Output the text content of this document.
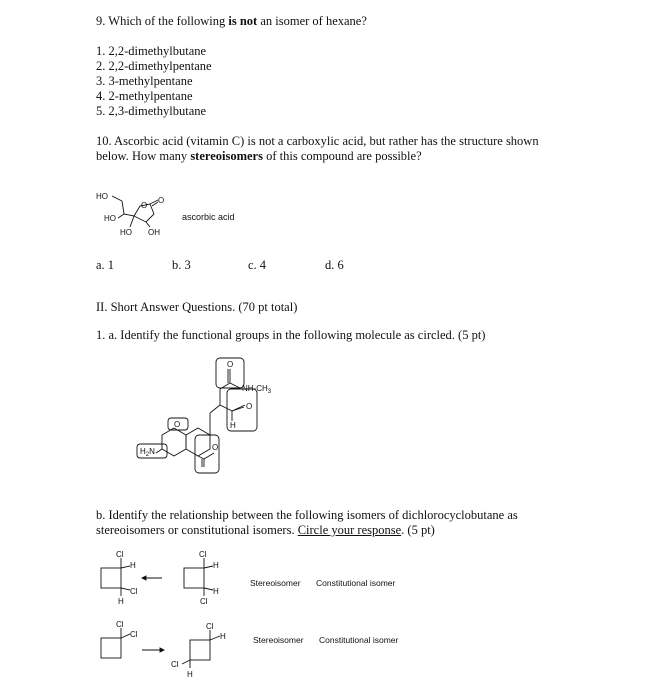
9. Which of the following is not an isomer of hexane?
1. 2,2-dimethylbutane
2. 2,2-dimethylpentane
3. 3-methylpentane
4. 2-methylpentane
5. 2,3-dimethylbutane
10. Ascorbic acid (vitamin C) is not a carboxylic acid, but rather has the structure shown
below. How many stereoisomers of this compound are possible?
HO
HO
O
O
HO OH
ascorbic acid
a. 1	b. 3	c. 4	d. 6
II. Short Answer Questions. (70 pt total)
1. a. Identify the functional groups in the following molecule as circled. (5 pt)
O
$NH-CH_3$
O
H
O
O
$H_2N$
b. Identify the relationship between the following isomers of dichlorocyclobutane as
stereoisomers or constitutional isomers. Circle your response. (5 pt)
Cl
H
Cl
H
Cl
H
H
Cl
Stereoisomer Constitutional isomer
Cl
Cl
Cl
H
Cl
H
Stereoisomer Constitutional isomer
